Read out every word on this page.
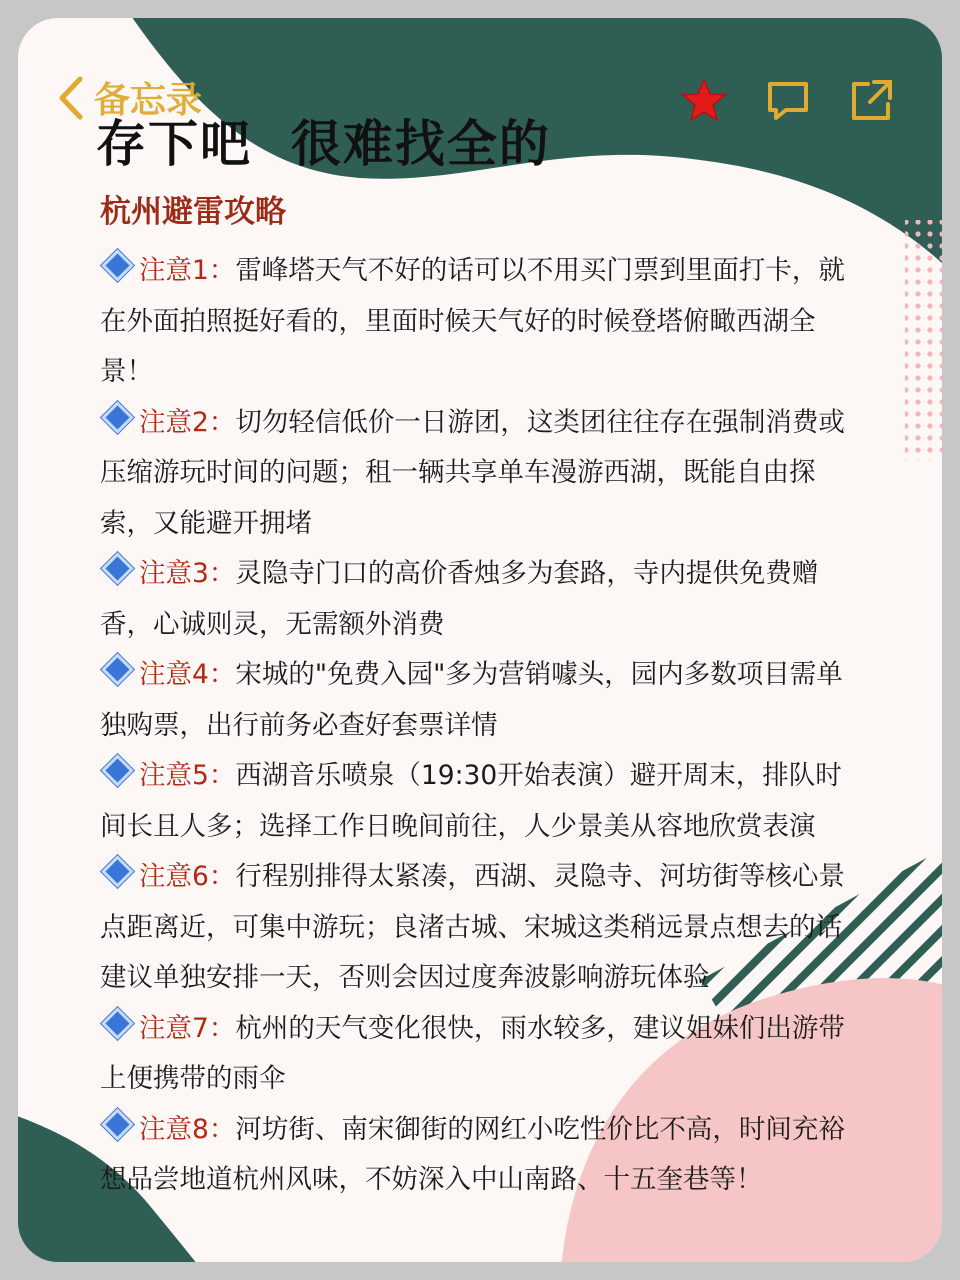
备忘录
存下吧  很难找全的
杭州避雷攻略

注意1：雷峰塔天气不好的话可以不用买门票到里面打卡，就在外面拍照挺好看的，里面时候天气好的时候登塔俯瞰西湖全景！

注意2：切勿轻信低价一日游团，这类团往往存在强制消费或压缩游玩时间的问题；租一辆共享单车漫游西湖，既能自由探索，又能避开拥堵

注意3：灵隐寺门口的高价香烛多为套路，寺内提供免费赠香，心诚则灵，无需额外消费

注意4：宋城的"免费入园"多为营销噱头，园内多数项目需单独购票，出行前务必查好套票详情

注意5：西湖音乐喷泉（19:30开始表演）避开周末，排队时间长且人多；选择工作日晚间前往，人少景美从容地欣赏表演

注意6：行程别排得太紧凑，西湖、灵隐寺、河坊街等核心景点距离近，可集中游玩；良渚古城、宋城这类稍远景点想去的话建议单独安排一天，否则会因过度奔波影响游玩体验

注意7：杭州的天气变化很快，雨水较多，建议姐妹们出游带上便携带的雨伞

注意8：河坊街、南宋御街的网红小吃性价比不高，时间充裕想品尝地道杭州风味，不妨深入中山南路、十五奎巷等！
